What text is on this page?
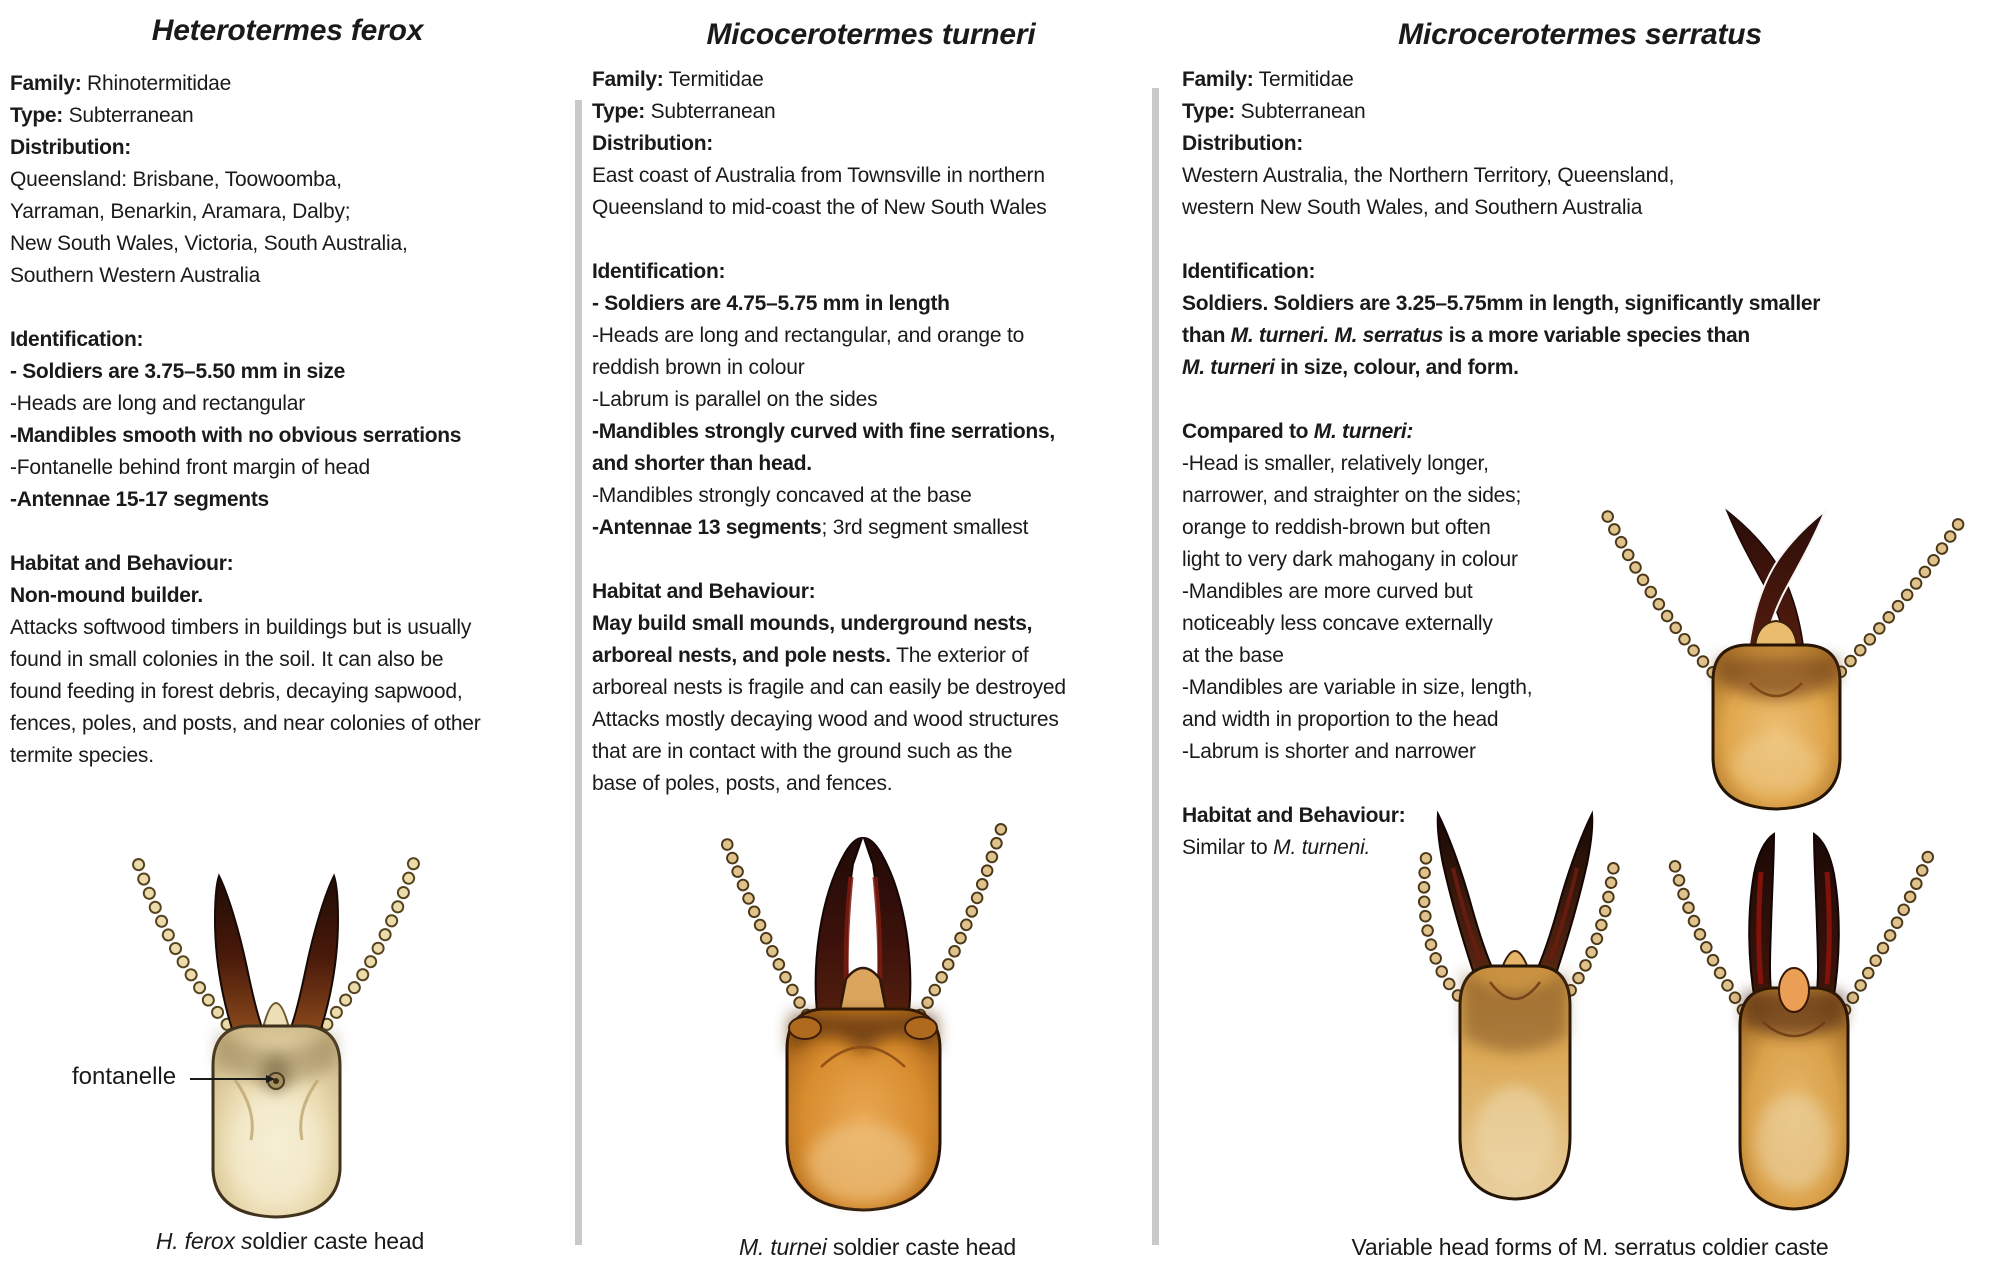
Heterotermes ferox	Micocerotermes turneri	Microcerotermes serratus
Family: Rhinotermitidae
Type: Subterranean
Distribution:
Queensland: Brisbane, Toowoomba,
Yarraman, Benarkin, Aramara, Dalby;
New South Wales, Victoria, South Australia,
Southern Western Australia
Identification:
- Soldiers are 3.75–5.50 mm in size
-Heads are long and rectangular
-Mandibles smooth with no obvious serrations
-Fontanelle behind front margin of head
-Antennae 15-17 segments
Habitat and Behaviour:
Non-mound builder.
Attacks softwood timbers in buildings but is usually
found in small colonies in the soil. It can also be
found feeding in forest debris, decaying sapwood,
fences, poles, and posts, and near colonies of other
termite species.
Family: Termitidae
Type: Subterranean
Distribution:
East coast of Australia from Townsville in northern
Queensland to mid-coast the of New South Wales
Identification:
- Soldiers are 4.75–5.75 mm in length
-Heads are long and rectangular, and orange to
reddish brown in colour
-Labrum is parallel on the sides
-Mandibles strongly curved with fine serrations,
and shorter than head.
-Mandibles strongly concaved at the base
-Antennae 13 segments; 3rd segment smallest
Habitat and Behaviour:
May build small mounds, underground nests,
arboreal nests, and pole nests. The exterior of
arboreal nests is fragile and can easily be destroyed
Attacks mostly decaying wood and wood structures
that are in contact with the ground such as the
base of poles, posts, and fences.
Family: Termitidae
Type: Subterranean
Distribution:
Western Australia, the Northern Territory, Queensland,
western New South Wales, and Southern Australia
Identification:
Soldiers. Soldiers are 3.25–5.75mm in length, significantly smaller
than M. turneri. M. serratus is a more variable species than
M. turneri in size, colour, and form.
Compared to M. turneri:
-Head is smaller, relatively longer,
narrower, and straighter on the sides;
orange to reddish-brown but often
light to very dark mahogany in colour
-Mandibles are more curved but
noticeably less concave externally
at the base
-Mandibles are variable in size, length,
and width in proportion to the head
-Labrum is shorter and narrower
Habitat and Behaviour:
Similar to M. turneni.
fontanelle
H. ferox soldier caste head	M. turnei soldier caste head	Variable head forms of M. serratus coldier caste
